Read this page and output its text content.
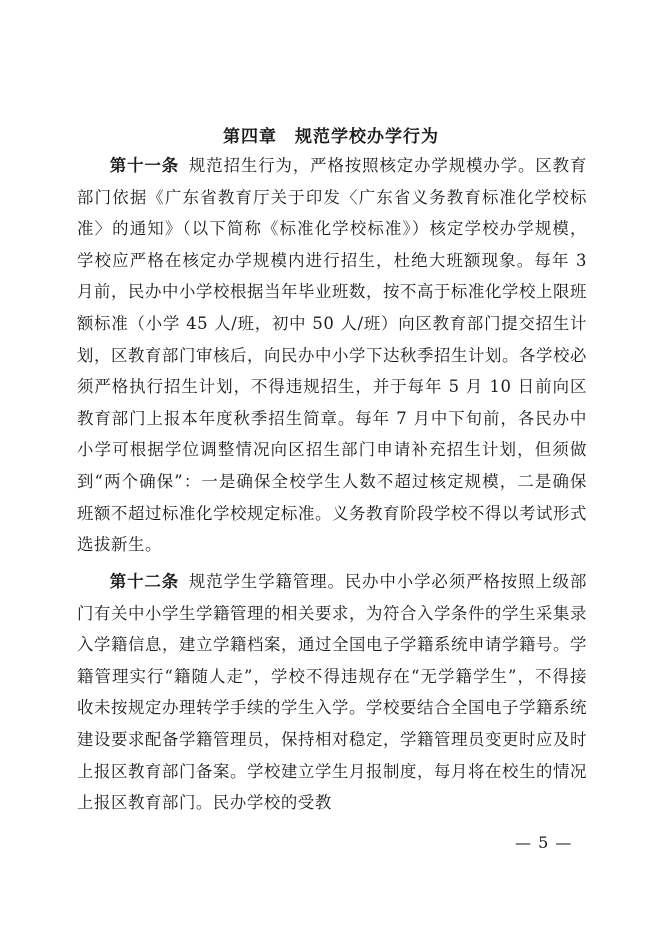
第四章　规范学校办学行为

第十一条 规范招生行为，严格按照核定办学规模办学。区教育部门依据《广东省教育厅关于印发〈广东省义务教育标准化学校标准〉的通知》（以下简称《标准化学校标准》）核定学校办学规模，学校应严格在核定办学规模内进行招生，杜绝大班额现象。每年 3 月前，民办中小学校根据当年毕业班数，按不高于标准化学校上限班额标准（小学 45 人/班，初中 50 人/班）向区教育部门提交招生计划，区教育部门审核后，向民办中小学下达秋季招生计划。各学校必须严格执行招生计划，不得违规招生，并于每年 5 月 10 日前向区教育部门上报本年度秋季招生简章。每年 7 月中下旬前，各民办中小学可根据学位调整情况向区招生部门申请补充招生计划，但须做到“两个确保”：一是确保全校学生人数不超过核定规模，二是确保班额不超过标准化学校规定标准。义务教育阶段学校不得以考试形式选拔新生。

第十二条 规范学生学籍管理。民办中小学必须严格按照上级部门有关中小学生学籍管理的相关要求，为符合入学条件的学生采集录入学籍信息，建立学籍档案，通过全国电子学籍系统申请学籍号。学籍管理实行“籍随人走”，学校不得违规存在“无学籍学生”，不得接收未按规定办理转学手续的学生入学。学校要结合全国电子学籍系统建设要求配备学籍管理员，保持相对稳定，学籍管理员变更时应及时上报区教育部门备案。学校建立学生月报制度，每月将在校生的情况上报区教育部门。民办学校的受教

— 5 —
